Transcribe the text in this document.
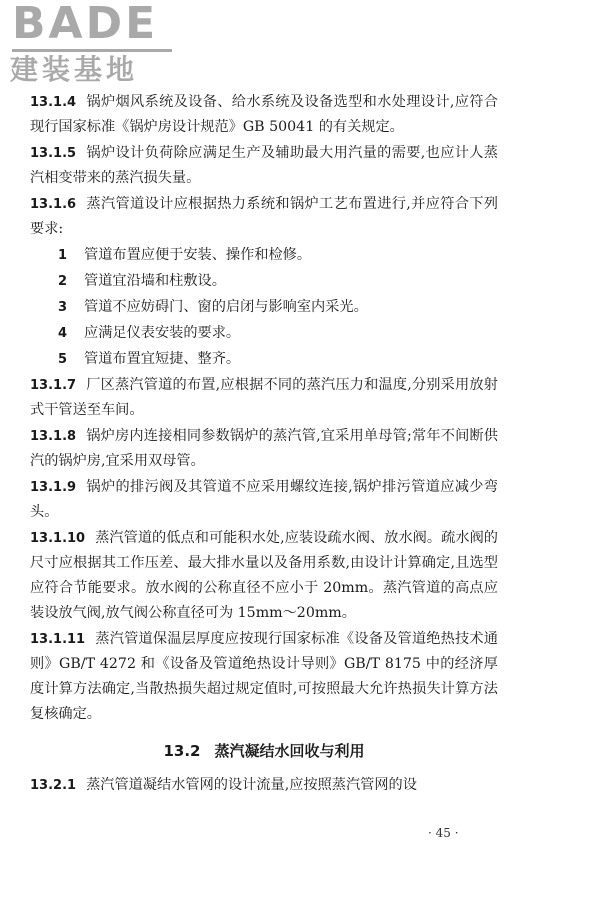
BADE
建装基地

13.1.4 锅炉烟风系统及设备、给水系统及设备选型和水处理设计,应符合现行国家标准《锅炉房设计规范》GB 50041 的有关规定。

13.1.5 锅炉设计负荷除应满足生产及辅助最大用汽量的需要,也应计人蒸汽相变带来的蒸汽损失量。

13.1.6 蒸汽管道设计应根据热力系统和锅炉工艺布置进行,并应符合下列要求:

1 管道布置应便于安装、操作和检修。

2 管道宜沿墙和柱敷设。

3 管道不应妨碍门、窗的启闭与影响室内采光。

4 应满足仪表安装的要求。

5 管道布置宜短捷、整齐。

13.1.7 厂区蒸汽管道的布置,应根据不同的蒸汽压力和温度,分别采用放射式干管送至车间。

13.1.8 锅炉房内连接相同参数锅炉的蒸汽管,宜采用单母管;常年不间断供汽的锅炉房,宜采用双母管。

13.1.9 锅炉的排污阀及其管道不应采用螺纹连接,锅炉排污管道应减少弯头。

13.1.10 蒸汽管道的低点和可能积水处,应装设疏水阀、放水阀。疏水阀的尺寸应根据其工作压差、最大排水量以及备用系数,由设计计算确定,且选型应符合节能要求。放水阀的公称直径不应小于 20mm。蒸汽管道的高点应装设放气阀,放气阀公称直径可为 15mm～20mm。

13.1.11 蒸汽管道保温层厚度应按现行国家标准《设备及管道绝热技术通则》GB/T 4272 和《设备及管道绝热设计导则》GB/T 8175 中的经济厚度计算方法确定,当散热损失超过规定值时,可按照最大允许热损失计算方法复核确定。

13.2 蒸汽凝结水回收与利用

13.2.1 蒸汽管道凝结水管网的设计流量,应按照蒸汽管网的设

· 45 ·
